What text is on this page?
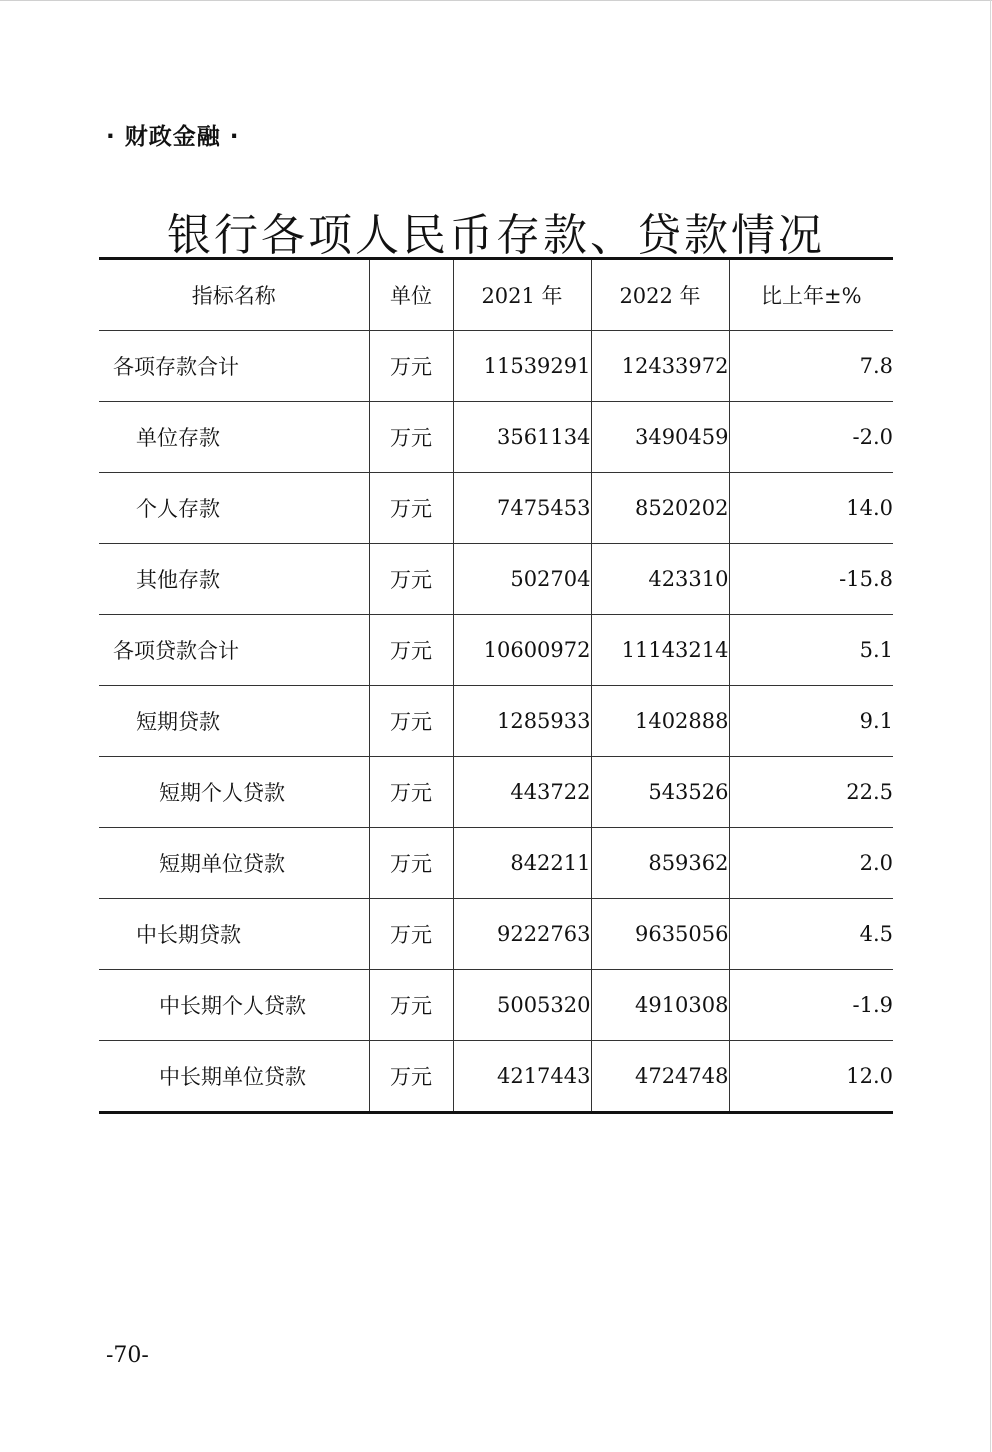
· 财政金融 ·
银行各项人民币存款、贷款情况
指标名称	单位	2021 年	2022 年	比上年±%
各项存款合计	万元	11539291	12433972	7.8
单位存款	万元	3561134	3490459	-2.0
个人存款	万元	7475453	8520202	14.0
其他存款	万元	502704	423310	-15.8
各项贷款合计	万元	10600972	11143214	5.1
短期贷款	万元	1285933	1402888	9.1
短期个人贷款	万元	443722	543526	22.5
短期单位贷款	万元	842211	859362	2.0
中长期贷款	万元	9222763	9635056	4.5
中长期个人贷款	万元	5005320	4910308	-1.9
中长期单位贷款	万元	4217443	4724748	12.0
-70-
